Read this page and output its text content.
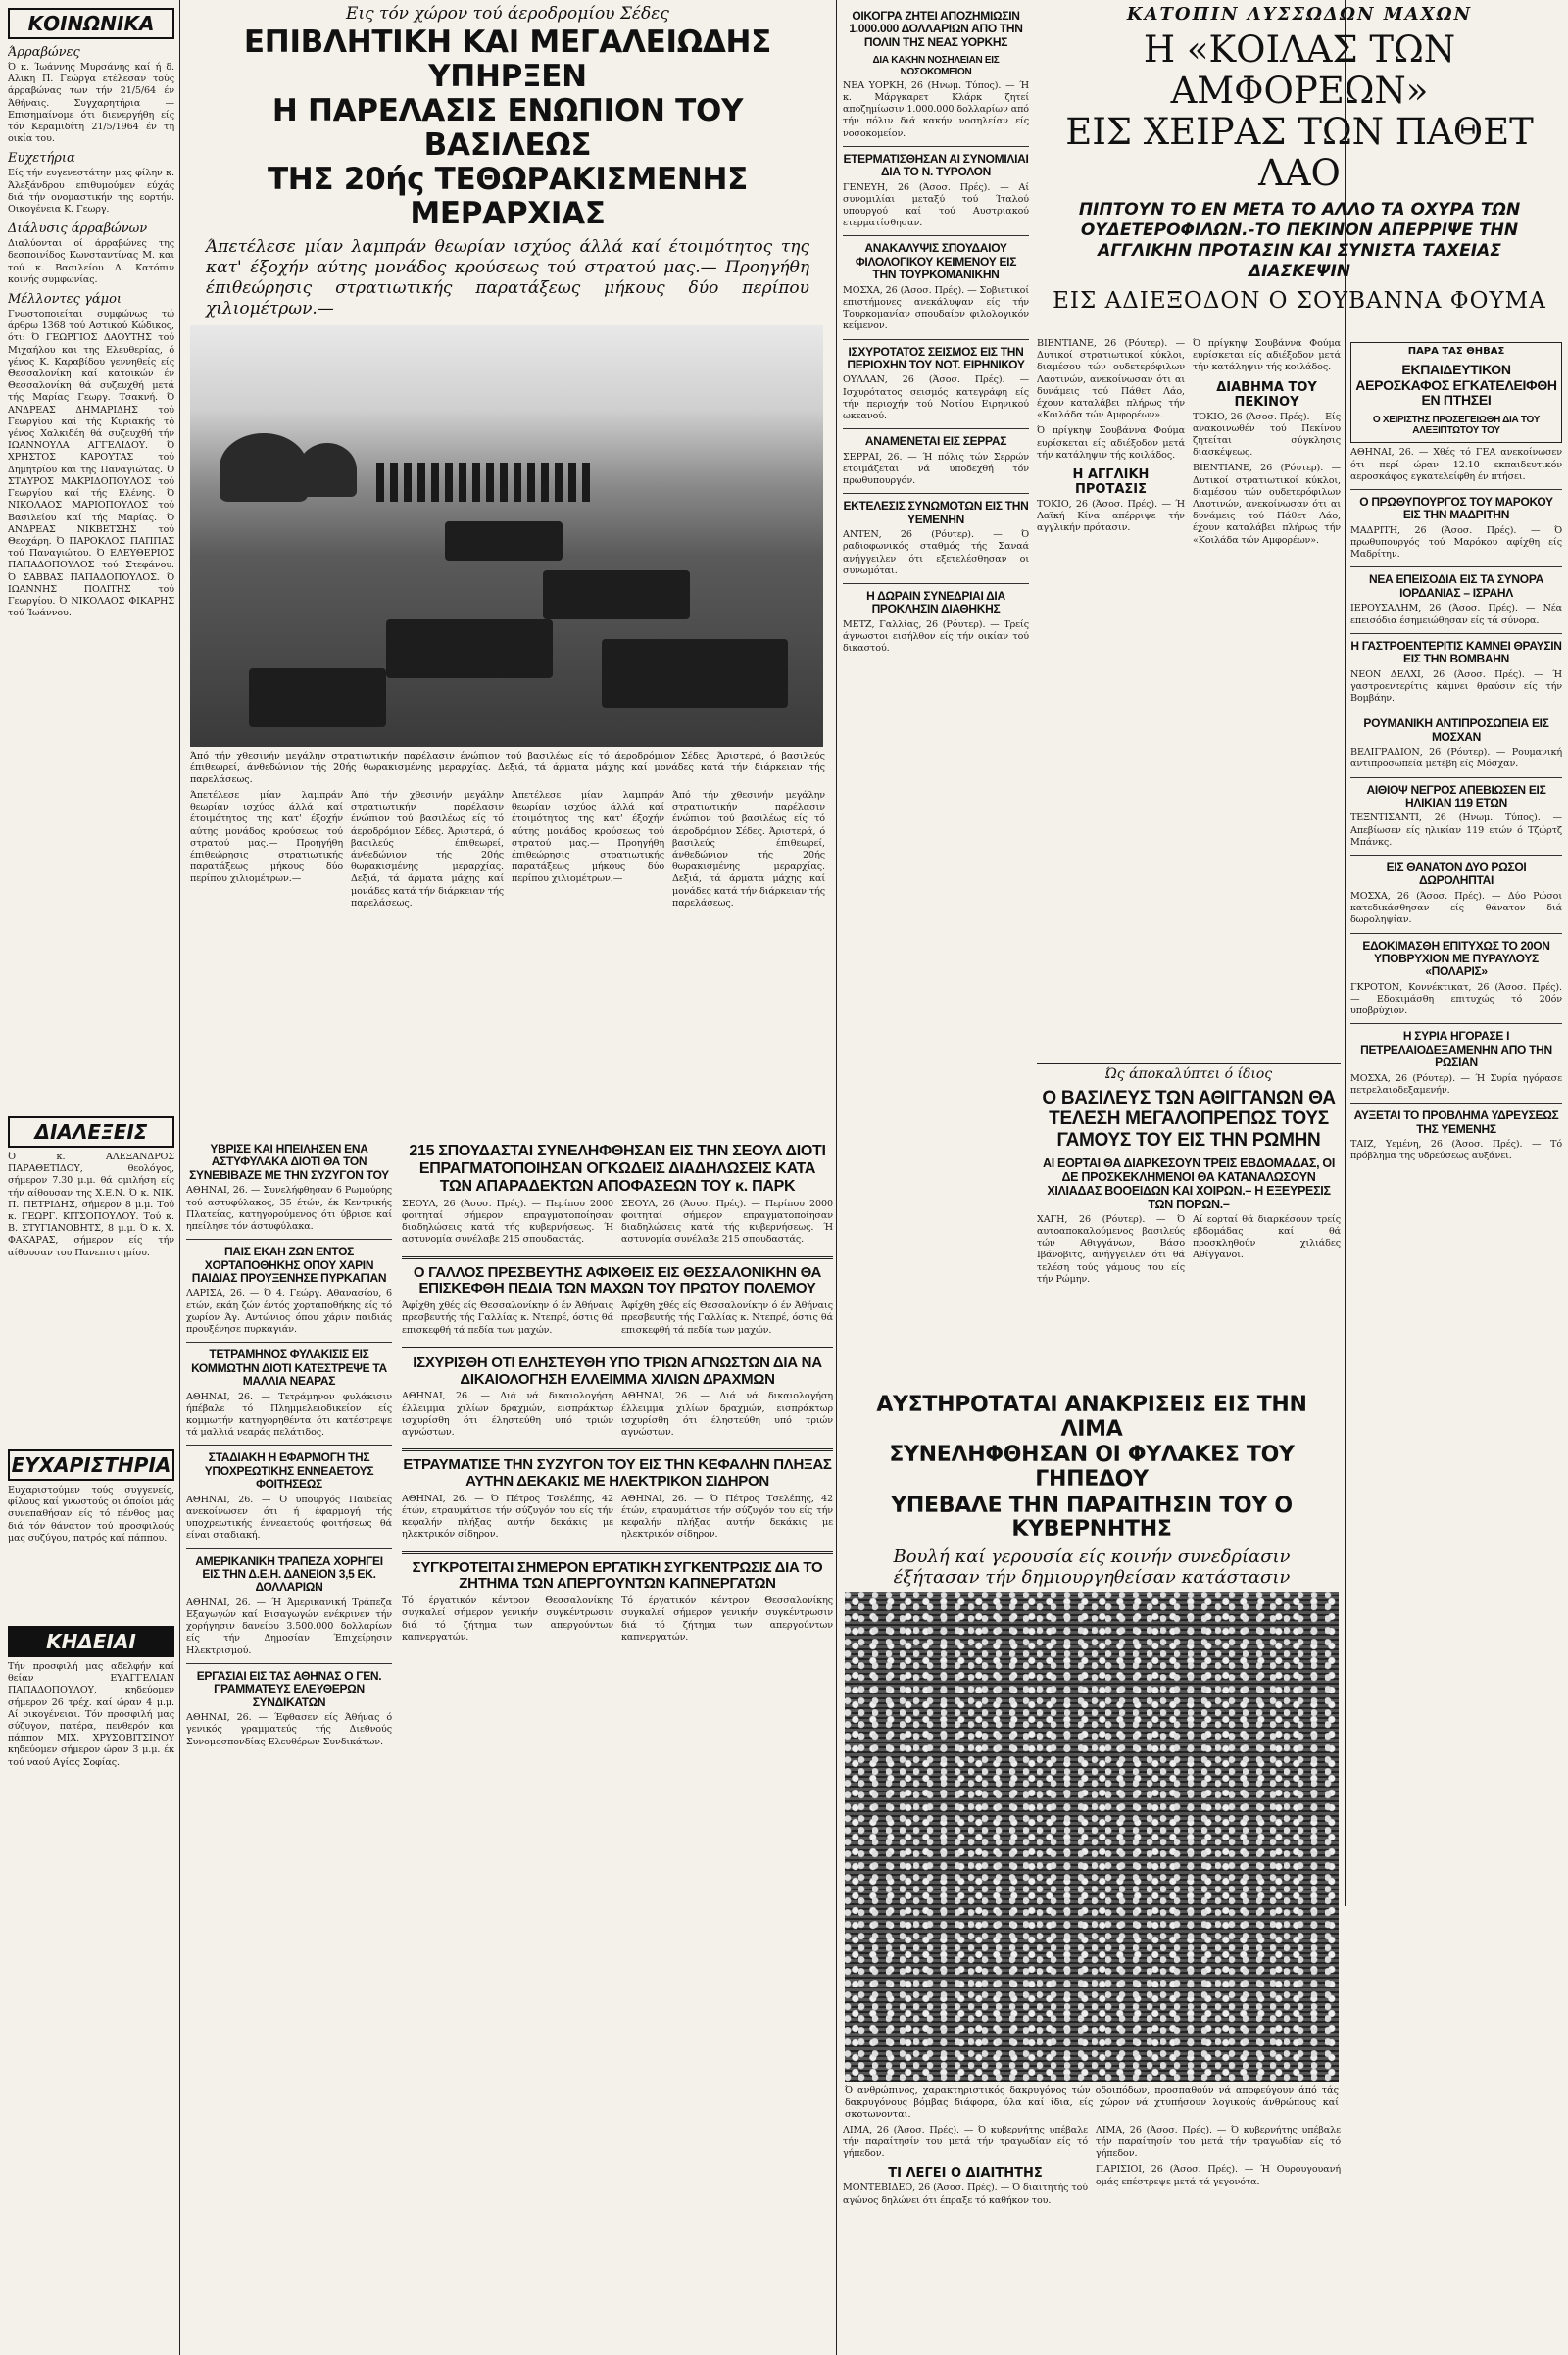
ΚΟΙΝΩΝΙΚΑ
Άρραβώνες

Ό κ. Ίωάννης Μυρσάνης καί ή δ. Αλικη Π. Γεώργα ετέλεσαν τούς άρραβώνας των τήν 21/5/64 έν Άθήναις. Συγχαρητήρια — Επισημαίνομε ότι διενεργήθη είς τόν Κεραμιδίτη 21/5/1964 έν τη οικία του.

Ευχετήρια

Είς τήν ευγενεστάτην μας φίλην κ. Άλεξάνδρου επιθυμούμεν εύχάς διά τήν ονομαστικήν της εορτήν. Οικογένεια Κ. Γεωργ.

Διάλυσις άρραβώνων

Διαλύονται οί άρραβώνες της δεσποινίδος Κωνσταντίνας Μ. και τού κ. Βασιλείου Δ. Κατόπιν κοινής συμφωνίας.

Μέλλοντες γάμοι

Γνωστοποιείται συμφώνως τώ άρθρω 1368 τού Αστικού Κώδικος, ότι: Ό ΓΕΩΡΓΙΟΣ ΔΑΟΥΤΗΣ τού Μιχαήλου και της Ελευθερίας, ό γένος Κ. Καραβίδου γεννηθείς είς Θεσσαλονίκη καί κατοικών έν Θεσσαλονίκη θά συζευχθή μετά τής Μαρίας Γεωργ. Τσακνή. Ό ΑΝΔΡΕΑΣ ΔΗΜΑΡΙΔΗΣ τού Γεωργίου καί τής Κυριακής τό γένος Χαλκιδέη θά συζευχθή τήν ΙΩΑΝΝΟΥΛΑ ΑΓΓΕΛΙΔΟΥ. Ό ΧΡΗΣΤΟΣ ΚΑΡΟΥΤΑΣ τού Δημητρίου και της Παναγιώτας. Ό ΣΤΑΥΡΟΣ ΜΑΚΡΙΔΟΠΟΥΛΟΣ τού Γεωργίου καί τής Ελένης. Ό ΝΙΚΟΛΑΟΣ ΜΑΡΙΟΠΟΥΛΟΣ τού Βασιλείου καί τής Μαρίας. Ό ΑΝΔΡΕΑΣ ΝΙΚΒΕΤΣΗΣ τού Θεοχάρη. Ό ΠΑΡΟΚΛΟΣ ΠΑΠΠΑΣ τού Παναγιώτου. Ό ΕΛΕΥΘΕΡΙΟΣ ΠΑΠΑΔΟΠΟΥΛΟΣ τού Στεφάνου. Ό ΣΑΒΒΑΣ ΠΑΠΑΔΟΠΟΥΛΟΣ. Ό ΙΩΑΝΝΗΣ ΠΟΛΙΤΗΣ τού Γεωργίου. Ό ΝΙΚΟΛΑΟΣ ΦΙΚΑΡΗΣ τού Ίωάννου.

ΔΙΑΛΕΞΕΙΣ

Ό κ. ΑΛΕΞΑΝΔΡΟΣ ΠΑΡΑΘΕΤΙΔΟΥ, θεολόγος, σήμερον 7.30 μ.μ. θά ομιλήση είς τήν αίθουσαν της Χ.Ε.Ν. Ό κ. ΝΙΚ. Π. ΠΕΤΡΙΔΗΣ, σήμερον 8 μ.μ. Τού κ. ΓΕΩΡΓ. ΚΙΤΣΟΠΟΥΛΟΥ. Τού κ. Β. ΣΤΥΓΙΑΝΟΒΗΤΣ, 8 μ.μ. Ό κ. Χ. ΦΑΚΑΡΑΣ, σήμερον είς τήν αίθουσαν του Πανεπιστημίου.

ΕΥΧΑΡΙΣΤΗΡΙΑ

Ευχαριστούμεν τούς συγγενείς, φίλους καί γνωστούς οι όποίοι μάς συνεπαθήσαν είς τό πένθος μας διά τόν θάνατον τού προσφιλούς μας συζύγου, πατρός καί πάππου.

ΚΗΔΕΙΑΙ

Τήν προσφιλή μας αδελφήν καί θείαν ΕΥΑΓΓΕΛΙΑΝ ΠΑΠΑΔΟΠΟΥΛΟΥ, κηδεύομεν σήμερον 26 τρέχ. καί ώραν 4 μ.μ. Αί οικογένειαι. Τόν προσφιλή μας σύζυγον, πατέρα, πενθερόν και πάππον ΜΙΧ. ΧΡΥΣΟΒΙΤΣΙΝΟΥ κηδεύομεν σήμερον ώραν 3 μ.μ. έκ τού ναού Αγίας Σοφίας.

Εις τόν χώρον τού άεροδρομίου Σέδες
ΕΠΙΒΛΗΤΙΚΗ ΚΑΙ ΜΕΓΑΛΕΙΩΔΗΣ ΥΠΗΡΞΕΝ
Η ΠΑΡΕΛΑΣΙΣ ΕΝΩΠΙΟΝ ΤΟΥ ΒΑΣΙΛΕΩΣ
ΤΗΣ 20ής ΤΕΘΩΡΑΚΙΣΜΕΝΗΣ ΜΕΡΑΡΧΙΑΣ
Άπετέλεσε μίαν λαμπράν θεωρίαν ισχύος άλλά καί έτοιμότητος της κατ' έξοχήν αύτης μονάδος κρούσεως τού στρατού μας.— Προηγήθη έπιθεώρησις στρατιωτικής παρατάξεως μήκους δύο περίπου χιλιομέτρων.—

Άπό τήν χθεσινήν μεγάλην στρατιωτικήν παρέλασιν ένώπιον τού βασιλέως είς τό άεροδρόμιον Σέδες. Άριστερά, ό βασιλεύς έπιθεωρεί, άνθεδώνιον τής 20ής θωρακισμένης μεραρχίας. Δεξιά, τά άρματα μάχης καί μονάδες κατά τήν διάρκειαν τής παρελάσεως.

Άπετέλεσε μίαν λαμπράν θεωρίαν ισχύος άλλά καί έτοιμότητος της κατ' έξοχήν αύτης μονάδος κρούσεως τού στρατού μας.— Προηγήθη έπιθεώρησις στρατιωτικής παρατάξεως μήκους δύο περίπου χιλιομέτρων.—

Άπό τήν χθεσινήν μεγάλην στρατιωτικήν παρέλασιν ένώπιον τού βασιλέως είς τό άεροδρόμιον Σέδες. Άριστερά, ό βασιλεύς έπιθεωρεί, άνθεδώνιον τής 20ής θωρακισμένης μεραρχίας. Δεξιά, τά άρματα μάχης καί μονάδες κατά τήν διάρκειαν τής παρελάσεως.

Άπετέλεσε μίαν λαμπράν θεωρίαν ισχύος άλλά καί έτοιμότητος της κατ' έξοχήν αύτης μονάδος κρούσεως τού στρατού μας.— Προηγήθη έπιθεώρησις στρατιωτικής παρατάξεως μήκους δύο περίπου χιλιομέτρων.—

Άπό τήν χθεσινήν μεγάλην στρατιωτικήν παρέλασιν ένώπιον τού βασιλέως είς τό άεροδρόμιον Σέδες. Άριστερά, ό βασιλεύς έπιθεωρεί, άνθεδώνιον τής 20ής θωρακισμένης μεραρχίας. Δεξιά, τά άρματα μάχης καί μονάδες κατά τήν διάρκειαν τής παρελάσεως.

ΟΙΚΟΓΡΑ ΖΗΤΕΙ ΑΠΟΖΗΜΙΩΣΙΝ 1.000.000 ΔΟΛΛΑΡΙΩΝ ΑΠΟ ΤΗΝ ΠΟΛΙΝ ΤΗΣ ΝΕΑΣ ΥΟΡΚΗΣ
ΔΙΑ ΚΑΚΗΝ ΝΟΣΗΛΕΙΑΝ ΕΙΣ ΝΟΣΟΚΟΜΕΙΟΝ

ΝΕΑ ΥΟΡΚΗ, 26 (Ηνωμ. Τύπος). — Ή κ. Μάργκαρετ Κλάρκ ζητεί αποζημίωσιν 1.000.000 δολλαρίων από τήν πόλιν διά κακήν νοσηλείαν είς νοσοκομείον.

ΕΤΕΡΜΑΤΙΣΘΗΣΑΝ ΑΙ ΣΥΝΟΜΙΛΙΑΙ ΔΙΑ ΤΟ Ν. ΤΥΡΟΛΟΝ

ΓΕΝΕΥΗ, 26 (Άσοσ. Πρές). — Αί συνομιλίαι μεταξύ τού Ίταλού υπουργού καί τού Αυστριακού ετερματίσθησαν.

ΑΝΑΚΑΛΥΨΙΣ ΣΠΟΥΔΑΙΟΥ ΦΙΛΟΛΟΓΙΚΟΥ ΚΕΙΜΕΝΟΥ ΕΙΣ ΤΗΝ ΤΟΥΡΚΟΜΑΝΙΚΗΝ

ΜΟΣΧΑ, 26 (Άσοσ. Πρές). — Σοβιετικοί επιστήμονες ανεκάλυψαν είς τήν Τουρκομανίαν σπουδαίον φιλολογικόν κείμενον.

ΙΣΧΥΡΟΤΑΤΟΣ ΣΕΙΣΜΟΣ ΕΙΣ ΤΗΝ ΠΕΡΙΟΧΗΝ ΤΟΥ ΝΟΤ. ΕΙΡΗΝΙΚΟΥ

ΟΥΛΛΑΝ, 26 (Άσοσ. Πρές). — Ισχυρότατος σεισμός κατεγράφη είς τήν περιοχήν τού Νοτίου Ειρηνικού ωκεανού.

ΑΝΑΜΕΝΕΤΑΙ ΕΙΣ ΣΕΡΡΑΣ

ΣΕΡΡΑΙ, 26. — Ή πόλις τών Σερρών ετοιμάζεται νά υποδεχθή τόν πρωθυπουργόν.

ΕΚΤΕΛΕΣΙΣ ΣΥΝΩΜΟΤΩΝ ΕΙΣ ΤΗΝ ΥΕΜΕΝΗΝ

ΑΝΤΕΝ, 26 (Ρόυτερ). — Ό ραδιοφωνικός σταθμός τής Σαναά ανήγγειλεν ότι εξετελέσθησαν οι συνωμόται.

Η ΔΩΡΑΙΝ ΣΥΝΕΔΡΙΑΙ ΔΙΑ ΠΡΟΚΛΗΣΙΝ ΔΙΑΘΗΚΗΣ

ΜΕΤΖ, Γαλλίας, 26 (Ρόυτερ). — Τρείς άγνωστοι εισήλθον είς τήν οικίαν τού δικαστού.

ΥΒΡΙΣΕ ΚΑΙ ΗΠΕΙΛΗΣΕΝ ΕΝΑ ΑΣΤΥΦΥΛΑΚΑ ΔΙΟΤΙ ΘΑ ΤΟΝ ΣΥΝΕΒΙΒΑΖΕ ΜΕ ΤΗΝ ΣΥΖΥΓΟΝ ΤΟΥ

ΑΘΗΝΑΙ, 26. — Συνελήφθησαν 6 Ρωμούρης τού αστυφύλακος, 35 έτών, έκ Κεντρικής Πλατείας, κατηγορούμενος ότι ύβρισε καί ηπείλησε τόν άστυφύλακα.

ΠΑΙΣ ΕΚΑΗ ΖΩΝ ΕΝΤΟΣ ΧΟΡΤΑΠΟΘΗΚΗΣ ΟΠΟΥ ΧΑΡΙΝ ΠΑΙΔΙΑΣ ΠΡΟΥΞΕΝΗΣΕ ΠΥΡΚΑΓΙΑΝ

ΛΑΡΙΣΑ, 26. — Ό 4. Γεώργ. Αθανασίου, 6 ετών, εκάη ζών έντός χορταποθήκης είς τό χωρίον Άγ. Αντώνιος όπου χάριν παιδιάς προυξένησε πυρκαγιάν.

ΤΕΤΡΑΜΗΝΟΣ ΦΥΛΑΚΙΣΙΣ ΕΙΣ ΚΟΜΜΩΤΗΝ ΔΙΟΤΙ ΚΑΤΕΣΤΡΕΨΕ ΤΑ ΜΑΛΛΙΑ ΝΕΑΡΑΣ

ΑΘΗΝΑΙ, 26. — Τετράμηνον φυλάκισιν ήπέβαλε τό Πλημμελειοδικείον είς κομμωτήν κατηγορηθέντα ότι κατέστρεψε τά μαλλιά νεαράς πελάτιδος.

ΣΤΑΔΙΑΚΗ Η ΕΦΑΡΜΟΓΗ ΤΗΣ ΥΠΟΧΡΕΩΤΙΚΗΣ ΕΝΝΕΑΕΤΟΥΣ ΦΟΙΤΗΣΕΩΣ

ΑΘΗΝΑΙ, 26. — Ό υπουργός Παιδείας ανεκοίνωσεν ότι ή έφαρμογή τής υποχρεωτικής έννεαετούς φοιτήσεως θά είναι σταδιακή.

ΑΜΕΡΙΚΑΝΙΚΗ ΤΡΑΠΕΖΑ ΧΟΡΗΓΕΙ ΕΙΣ ΤΗΝ Δ.Ε.Η. ΔΑΝΕΙΟΝ 3,5 ΕΚ. ΔΟΛΛΑΡΙΩΝ

ΑΘΗΝΑΙ, 26. — Ή Άμερικανική Τράπεζα Εξαγωγών καί Εισαγωγών ενέκρινεν τήν χορήγησιν δανείου 3.500.000 δολλαρίων είς τήν Δημοσίαν Έπιχείρησιν Ηλεκτρισμού.

ΕΡΓΑΣΙΑΙ ΕΙΣ ΤΑΣ ΑΘΗΝΑΣ Ο ΓΕΝ. ΓΡΑΜΜΑΤΕΥΣ ΕΛΕΥΘΕΡΩΝ ΣΥΝΔΙΚΑΤΩΝ

ΑΘΗΝΑΙ, 26. — Έφθασεν είς Άθήνας ό γενικός γραμματεύς τής Διεθνούς Συνομοσπονδίας Ελευθέρων Συνδικάτων.

215 ΣΠΟΥΔΑΣΤΑΙ ΣΥΝΕΛΗΦΘΗΣΑΝ ΕΙΣ ΤΗΝ ΣΕΟΥΛ ΔΙΟΤΙ ΕΠΡΑΓΜΑΤΟΠΟΙΗΣΑΝ ΟΓΚΩΔΕΙΣ ΔΙΑΔΗΛΩΣΕΙΣ ΚΑΤΑ ΤΩΝ ΑΠΑΡΑΔΕΚΤΩΝ ΑΠΟΦΑΣΕΩΝ ΤΟΥ κ. ΠΑΡΚ

ΣΕΟΥΛ, 26 (Άσοσ. Πρές). — Περίπου 2000 φοιτηταί σήμερον επραγματοποίησαν διαδηλώσεις κατά τής κυβερνήσεως. Ή αστυνομία συνέλαβε 215 σπουδαστάς.

ΣΕΟΥΛ, 26 (Άσοσ. Πρές). — Περίπου 2000 φοιτηταί σήμερον επραγματοποίησαν διαδηλώσεις κατά τής κυβερνήσεως. Ή αστυνομία συνέλαβε 215 σπουδαστάς.

Ο ΓΑΛΛΟΣ ΠΡΕΣΒΕΥΤΗΣ ΑΦΙΧΘΕΙΣ ΕΙΣ ΘΕΣΣΑΛΟΝΙΚΗΝ ΘΑ ΕΠΙΣΚΕΦΘΗ ΠΕΔΙΑ ΤΩΝ ΜΑΧΩΝ ΤΟΥ ΠΡΩΤΟΥ ΠΟΛΕΜΟΥ

Άφίχθη χθές είς Θεσσαλονίκην ό έν Άθήναις πρεσβευτής τής Γαλλίας κ. Ντεπρέ, όστις θά επισκεφθή τά πεδία των μαχών.

Άφίχθη χθές είς Θεσσαλονίκην ό έν Άθήναις πρεσβευτής τής Γαλλίας κ. Ντεπρέ, όστις θά επισκεφθή τά πεδία των μαχών.

ΙΣΧΥΡΙΣΘΗ ΟΤΙ ΕΛΗΣΤΕΥΘΗ ΥΠΟ ΤΡΙΩΝ ΑΓΝΩΣΤΩΝ ΔΙΑ ΝΑ ΔΙΚΑΙΟΛΟΓΗΣΗ ΕΛΛΕΙΜΜΑ ΧΙΛΙΩΝ ΔΡΑΧΜΩΝ

ΑΘΗΝΑΙ, 26. — Διά νά δικαιολογήση έλλειμμα χιλίων δραχμών, εισπράκτωρ ισχυρίσθη ότι έληστεύθη υπό τριών αγνώστων.

ΑΘΗΝΑΙ, 26. — Διά νά δικαιολογήση έλλειμμα χιλίων δραχμών, εισπράκτωρ ισχυρίσθη ότι έληστεύθη υπό τριών αγνώστων.

ΕΤΡΑΥΜΑΤΙΣΕ ΤΗΝ ΣΥΖΥΓΟΝ ΤΟΥ ΕΙΣ ΤΗΝ ΚΕΦΑΛΗΝ ΠΛΗΞΑΣ ΑΥΤΗΝ ΔΕΚΑΚΙΣ ΜΕ ΗΛΕΚΤΡΙΚΟΝ ΣΙΔΗΡΟΝ

ΑΘΗΝΑΙ, 26. — Ό Πέτρος Τσελέπης, 42 έτών, ετραυμάτισε τήν σύζυγόν του είς τήν κεφαλήν πλήξας αυτήν δεκάκις με ηλεκτρικόν σίδηρον.

ΑΘΗΝΑΙ, 26. — Ό Πέτρος Τσελέπης, 42 έτών, ετραυμάτισε τήν σύζυγόν του είς τήν κεφαλήν πλήξας αυτήν δεκάκις με ηλεκτρικόν σίδηρον.

ΣΥΓΚΡΟΤΕΙΤΑΙ ΣΗΜΕΡΟΝ ΕΡΓΑΤΙΚΗ ΣΥΓΚΕΝΤΡΩΣΙΣ ΔΙΑ ΤΟ ΖΗΤΗΜΑ ΤΩΝ ΑΠΕΡΓΟΥΝΤΩΝ ΚΑΠΝΕΡΓΑΤΩΝ

Τό έργατικόν κέντρον Θεσσαλονίκης συγκαλεί σήμερον γενικήν συγκέντρωσιν διά τό ζήτημα των απεργούντων καπνεργατών.

Τό έργατικόν κέντρον Θεσσαλονίκης συγκαλεί σήμερον γενικήν συγκέντρωσιν διά τό ζήτημα των απεργούντων καπνεργατών.

ΚΑΤΟΠΙΝ ΛΥΣΣΩΔΩΝ ΜΑΧΩΝ
Η «ΚΟΙΛΑΣ ΤΩΝ ΑΜΦΟΡΕΩΝ»
ΕΙΣ ΧΕΙΡΑΣ ΤΩΝ ΠΑΘΕΤ ΛΑΟ
ΠΙΠΤΟΥΝ ΤΟ ΕΝ ΜΕΤΑ ΤΟ ΑΛΛΟ ΤΑ ΟΧΥΡΑ ΤΩΝ ΟΥΔΕΤΕΡΟΦΙΛΩΝ.-ΤΟ ΠΕΚΙΝΟΝ ΑΠΕΡΡΙΨΕ ΤΗΝ ΑΓΓΛΙΚΗΝ ΠΡΟΤΑΣΙΝ ΚΑΙ ΣΥΝΙΣΤΑ ΤΑΧΕΙΑΣ ΔΙΑΣΚΕΨΙΝ
ΕΙΣ ΑΔΙΕΞΟΔΟΝ Ο ΣΟΥΒΑΝΝΑ ΦΟΥΜΑ

ΒΙΕΝΤΙΑΝΕ, 26 (Ρόυτερ). — Δυτικοί στρατιωτικοί κύκλοι, διαμέσου τών ουδετερόφιλων Λαοτινών, ανεκοίνωσαν ότι αι δυνάμεις τού Πάθετ Λάο, έχουν καταλάβει πλήρως τήν «Κοιλάδα τών Αμφορέων».

Ό πρίγκηψ Σουβάννα Φούμα ευρίσκεται είς αδιέξοδον μετά τήν κατάληψιν τής κοιλάδος.

Η ΑΓΓΛΙΚΗ ΠΡΟΤΑΣΙΣ

ΤΟΚΙΟ, 26 (Άσοσ. Πρές). — Ή Λαϊκή Κίνα απέρριψε τήν αγγλικήν πρότασιν.

Ό πρίγκηψ Σουβάννα Φούμα ευρίσκεται είς αδιέξοδον μετά τήν κατάληψιν τής κοιλάδος.

ΔΙΑΒΗΜΑ ΤΟΥ ΠΕΚΙΝΟΥ

ΤΟΚΙΟ, 26 (Άσοσ. Πρές). — Είς ανακοινωθέν τού Πεκίνου ζητείται σύγκλησις διασκέψεως.

ΒΙΕΝΤΙΑΝΕ, 26 (Ρόυτερ). — Δυτικοί στρατιωτικοί κύκλοι, διαμέσου τών ουδετερόφιλων Λαοτινών, ανεκοίνωσαν ότι αι δυνάμεις τού Πάθετ Λάο, έχουν καταλάβει πλήρως τήν «Κοιλάδα τών Αμφορέων».

ΠΑΡΑ ΤΑΣ ΘΗΒΑΣ
ΕΚΠΑΙΔΕΥΤΙΚΟΝ ΑΕΡΟΣΚΑΦΟΣ ΕΓΚΑΤΕΛΕΙΦΘΗ ΕΝ ΠΤΗΣΕΙ
Ο ΧΕΙΡΙΣΤΗΣ ΠΡΟΣΕΓΕΙΩΘΗ ΔΙΑ ΤΟΥ ΑΛΕΞΙΠΤΩΤΟΥ ΤΟΥ

ΑΘΗΝΑΙ, 26. — Χθές τό ΓΕΑ ανεκοίνωσεν ότι περί ώραν 12.10 εκπαιδευτικόν αεροσκάφος εγκατελείφθη έν πτήσει.

Ο ΠΡΩΘΥΠΟΥΡΓΟΣ ΤΟΥ ΜΑΡΟΚΟΥ ΕΙΣ ΤΗΝ ΜΑΔΡΙΤΗΝ

ΜΑΔΡΙΤΗ, 26 (Άσοσ. Πρές). — Ό πρωθυπουργός τού Μαρόκου αφίχθη είς Μαδρίτην.

ΝΕΑ ΕΠΕΙΣΟΔΙΑ ΕΙΣ ΤΑ ΣΥΝΟΡΑ ΙΟΡΔΑΝΙΑΣ – ΙΣΡΑΗΛ

ΙΕΡΟΥΣΑΛΗΜ, 26 (Άσοσ. Πρές). — Νέα επεισόδια έσημειώθησαν είς τά σύνορα.

Η ΓΑΣΤΡΟΕΝΤΕΡΙΤΙΣ ΚΑΜΝΕΙ ΘΡΑΥΣΙΝ ΕΙΣ ΤΗΝ ΒΟΜΒΑΗΝ

ΝΕΟΝ ΔΕΛΧΙ, 26 (Άσοσ. Πρές). — Ή γαστροεντερίτις κάμνει θραύσιν είς τήν Βομβάην.

ΡΟΥΜΑΝΙΚΗ ΑΝΤΙΠΡΟΣΩΠΕΙΑ ΕΙΣ ΜΟΣΧΑΝ

ΒΕΛΙΓΡΑΔΙΟΝ, 26 (Ρόυτερ). — Ρουμανική αντιπροσωπεία μετέβη είς Μόσχαν.

ΑΙΘΙΟΨ ΝΕΓΡΟΣ ΑΠΕΒΙΩΣΕΝ ΕΙΣ ΗΛΙΚΙΑΝ 119 ΕΤΩΝ

ΤΕΞΝΤΙΣΑΝΤΙ, 26 (Ηνωμ. Τύπος). — Απεβίωσεν είς ηλικίαν 119 ετών ό Τζώρτζ Μπάνκς.

ΕΙΣ ΘΑΝΑΤΟΝ ΔΥΟ ΡΩΣΟΙ ΔΩΡΟΛΗΠΤΑΙ

ΜΟΣΧΑ, 26 (Άσοσ. Πρές). — Δύο Ρώσοι κατεδικάσθησαν είς θάνατον διά δωροληψίαν.

ΕΔΟΚΙΜΑΣΘΗ ΕΠΙΤΥΧΩΣ ΤΟ 20ΟΝ ΥΠΟΒΡΥΧΙΟΝ ΜΕ ΠΥΡΑΥΛΟΥΣ «ΠΟΛΑΡΙΣ»

ΓΚΡΟΤΟΝ, Κοννέκτικατ, 26 (Άσοσ. Πρές). — Εδοκιμάσθη επιτυχώς τό 20όν υποβρύχιον.

Η ΣΥΡΙΑ ΗΓΟΡΑΣΕ Ι ΠΕΤΡΕΛΑΙΟΔΕΞΑΜΕΝΗΝ ΑΠΟ ΤΗΝ ΡΩΣΙΑΝ

ΜΟΣΧΑ, 26 (Ρόυτερ). — Ή Συρία ηγόρασε πετρελαιοδεξαμενήν.

ΑΥΞΕΤΑΙ ΤΟ ΠΡΟΒΛΗΜΑ ΥΔΡΕΥΣΕΩΣ ΤΗΣ ΥΕΜΕΝΗΣ

ΤΑΙΖ, Υεμένη, 26 (Άσοσ. Πρές). — Τό πρόβλημα της υδρεύσεως αυξάνει.

Ώς άποκαλύπτει ό ίδιος
Ο ΒΑΣΙΛΕΥΣ ΤΩΝ ΑΘΙΓΓΑΝΩΝ ΘΑ ΤΕΛΕΣΗ ΜΕΓΑΛΟΠΡΕΠΩΣ ΤΟΥΣ ΓΑΜΟΥΣ ΤΟΥ ΕΙΣ ΤΗΝ ΡΩΜΗΝ
ΑΙ ΕΟΡΤΑΙ ΘΑ ΔΙΑΡΚΕΣΟΥΝ ΤΡΕΙΣ ΕΒΔΟΜΑΔΑΣ, ΟΙ ΔΕ ΠΡΟΣΚΕΚΛΗΜΕΝΟΙ ΘΑ ΚΑΤΑΝΑΛΩΣΟΥΝ ΧΙΛΙΑΔΑΣ ΒΟΟΕΙΔΩΝ ΚΑΙ ΧΟΙΡΩΝ.– Η ΕΞΕΥΡΕΣΙΣ ΤΩΝ ΠΟΡΩΝ.–

ΧΑΓΗ, 26 (Ρόυτερ). — Ό αυτοαποκαλούμενος βασιλεύς τών Αθιγγάνων, Βάσο Ιβάνοβιτς, ανήγγειλεν ότι θά τελέση τούς γάμους του είς τήν Ρώμην.

Αί εορταί θά διαρκέσουν τρείς εβδομάδας καί θά προσκληθούν χιλιάδες Αθίγγανοι.

ΑΥΣΤΗΡΟΤΑΤΑΙ ΑΝΑΚΡΙΣΕΙΣ ΕΙΣ ΤΗΝ ΛΙΜΑ
ΣΥΝΕΛΗΦΘΗΣΑΝ ΟΙ ΦΥΛΑΚΕΣ ΤΟΥ ΓΗΠΕΔΟΥ
ΥΠΕΒΑΛΕ ΤΗΝ ΠΑΡΑΙΤΗΣΙΝ ΤΟΥ Ο ΚΥΒΕΡΝΗΤΗΣ
Βουλή καί γερουσία είς κοινήν συνεδρίασιν
έξήτασαν τήν δημιουργηθείσαν κατάστασιν

Ό ανθρώπινος, χαρακτηριστικός δακρυγόνος τών οδοιπόδων, προσπαθούν νά αποφεύγουν άπό τάς δακρυγόνους βόμβας διάφορα, ύλα καί ίδια, είς χώρον νά χτυπήσουν λογικούς άνθρώπους καί σκοτωνονται.

ΛΙΜΑ, 26 (Άσοσ. Πρές). — Ό κυβερνήτης υπέβαλε τήν παραίτησίν του μετά τήν τραγωδίαν είς τό γήπεδον.

ΤΙ ΛΕΓΕΙ Ο ΔΙΑΙΤΗΤΗΣ

ΜΟΝΤΕΒΙΔΕΟ, 26 (Άσοσ. Πρές). — Ό διαιτητής τού αγώνος δηλώνει ότι έπραξε τό καθήκον του.

ΛΙΜΑ, 26 (Άσοσ. Πρές). — Ό κυβερνήτης υπέβαλε τήν παραίτησίν του μετά τήν τραγωδίαν είς τό γήπεδον.

ΠΑΡΙΣΙΟΙ, 26 (Άσοσ. Πρές). — Ή Ουρουγουανή ομάς επέστρεψε μετά τά γεγονότα.
